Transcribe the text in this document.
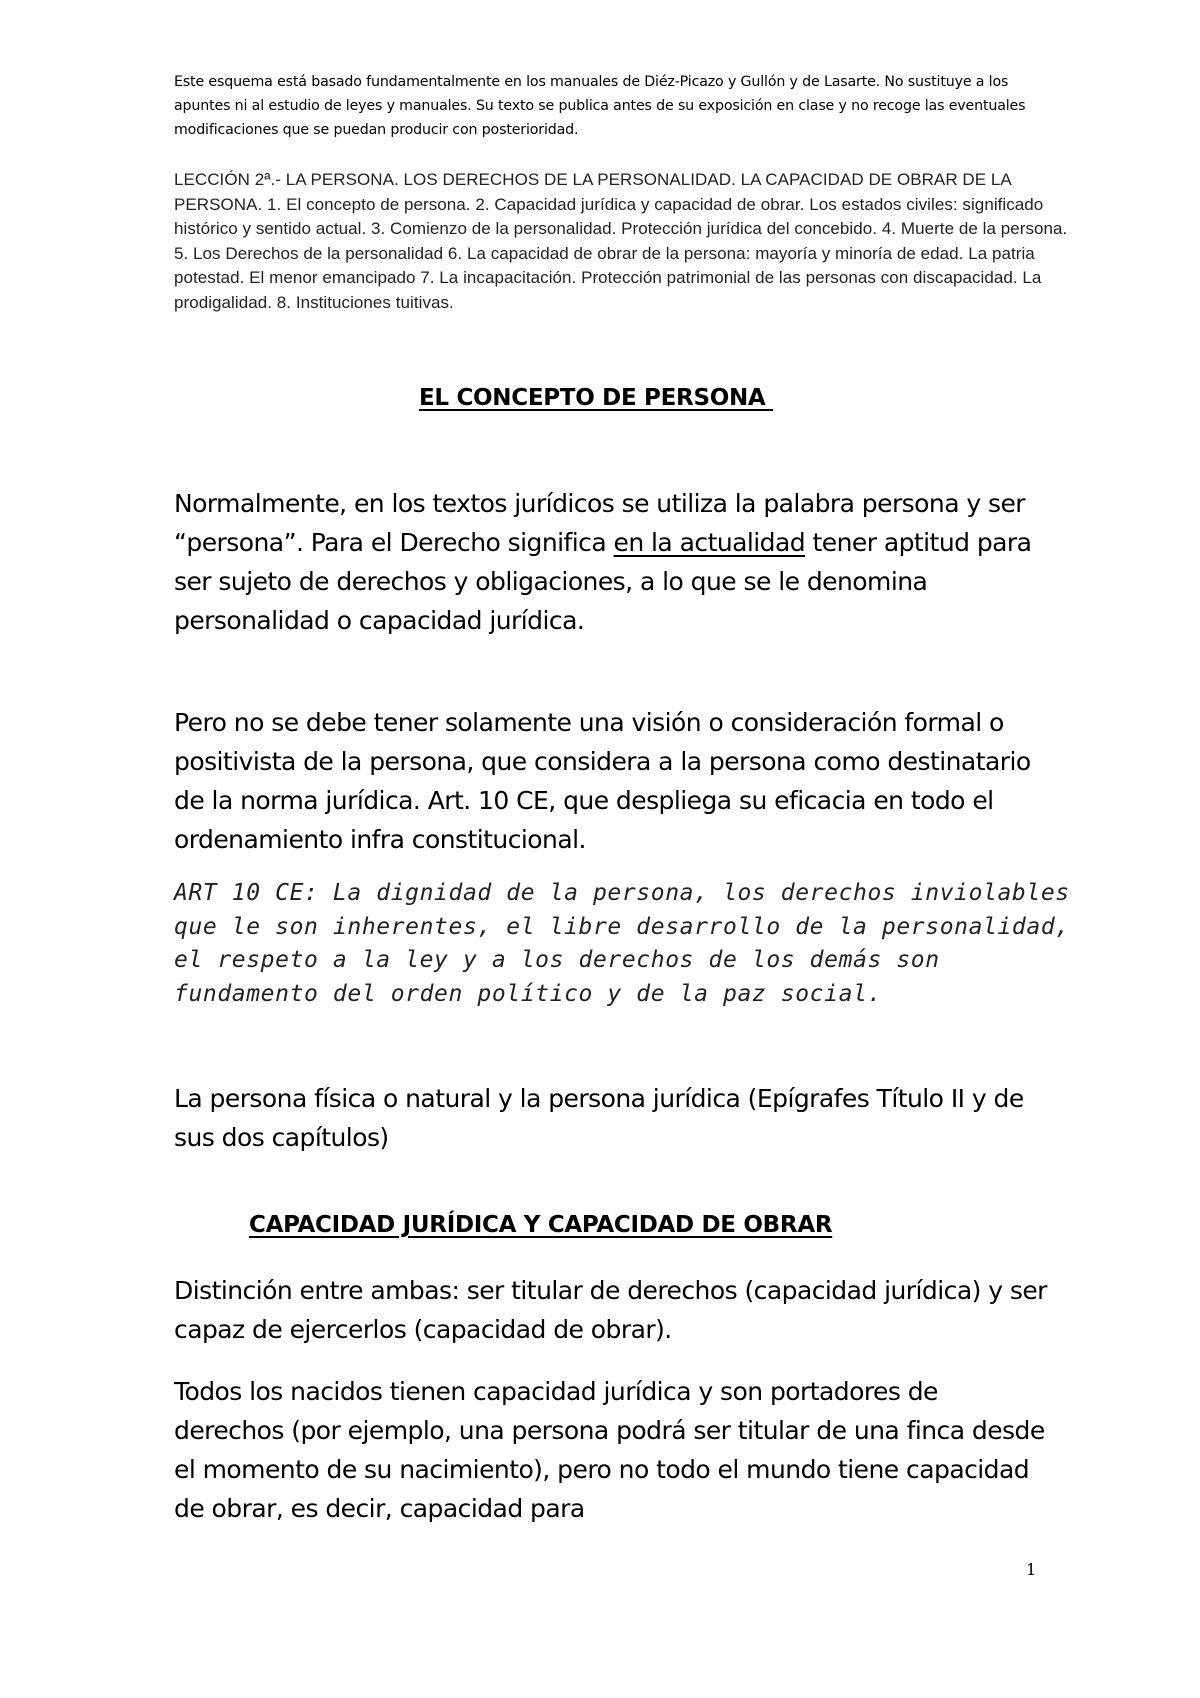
Este esquema está basado fundamentalmente en los manuales de Diéz-Picazo y Gullón y de Lasarte. No sustituye a los apuntes ni al estudio de leyes y manuales. Su texto se publica antes de su exposición en clase y no recoge las eventuales modificaciones que se puedan producir con posterioridad.
LECCIÓN 2ª.- LA PERSONA. LOS DERECHOS DE LA PERSONALIDAD. LA CAPACIDAD DE OBRAR DE LA PERSONA. 1. El concepto de persona. 2. Capacidad jurídica y capacidad de obrar. Los estados civiles: significado histórico y sentido actual. 3. Comienzo de la personalidad. Protección jurídica del concebido. 4. Muerte de la persona. 5. Los Derechos de la personalidad 6. La capacidad de obrar de la persona: mayoría y minoría de edad. La patria potestad. El menor emancipado 7. La incapacitación. Protección patrimonial de las personas con discapacidad. La prodigalidad. 8. Instituciones tuitivas.
EL CONCEPTO DE PERSONA
Normalmente, en los textos jurídicos se utiliza la palabra persona y ser “persona”. Para el Derecho significa en la actualidad tener aptitud para ser sujeto de derechos y obligaciones, a lo que se le denomina personalidad o capacidad jurídica.
Pero no se debe tener solamente una visión o consideración formal o positivista de la persona, que considera a la persona como destinatario de la norma jurídica. Art. 10 CE, que despliega su eficacia en todo el ordenamiento infra constitucional.
ART 10 CE: La dignidad de la persona, los derechos inviolables que le son inherentes, el libre desarrollo de la personalidad, el respeto a la ley y a los derechos de los demás son fundamento del orden político y de la paz social.
La persona física o natural y la persona jurídica (Epígrafes Título II y de sus dos capítulos)
CAPACIDAD JURÍDICA Y CAPACIDAD DE OBRAR
Distinción entre ambas: ser titular de derechos (capacidad jurídica) y ser capaz de ejercerlos (capacidad de obrar).
Todos los nacidos tienen capacidad jurídica y son portadores de derechos (por ejemplo, una persona podrá ser titular de una finca desde el momento de su nacimiento), pero no todo el mundo tiene capacidad de obrar, es decir, capacidad para
1
